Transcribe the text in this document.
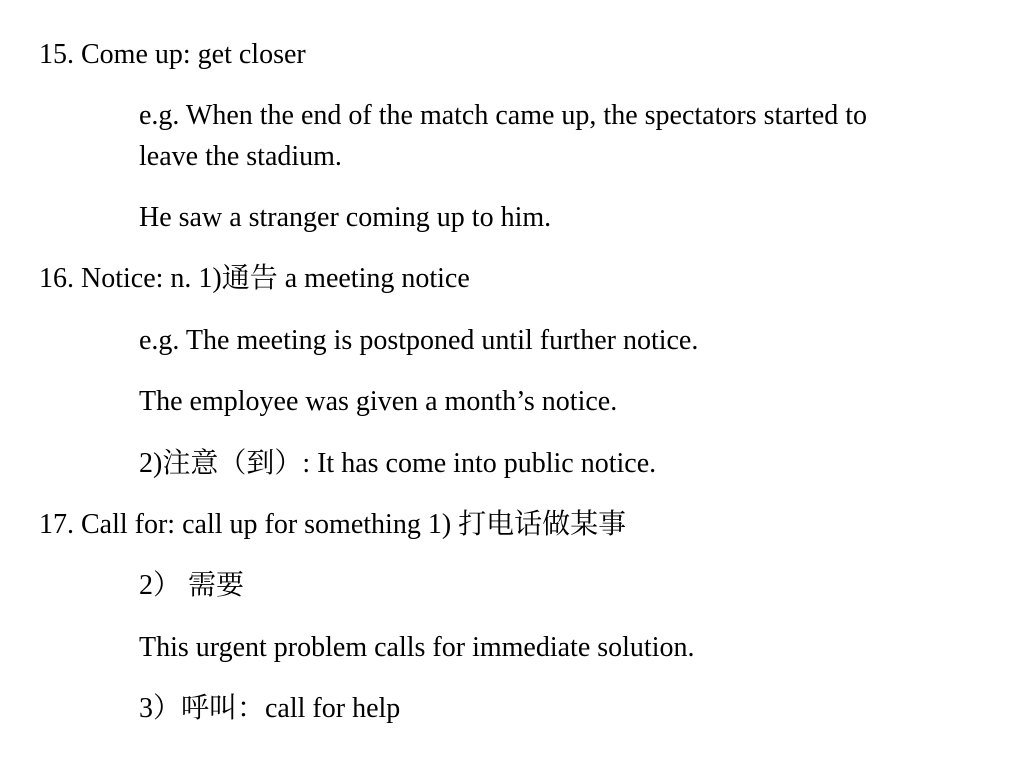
15. Come up: get closer
e.g. When the end of the match came up, the spectators started to leave the stadium.
He saw a stranger coming up to him.
16. Notice: n. 1)通告 a meeting notice
e.g. The meeting is postponed until further notice.
The employee was given a month’s notice.
2)注意（到）: It has come into public notice.
17. Call for: call up for something 1) 打电话做某事
2） 需要
This urgent problem calls for immediate solution.
3）呼叫：call for help
